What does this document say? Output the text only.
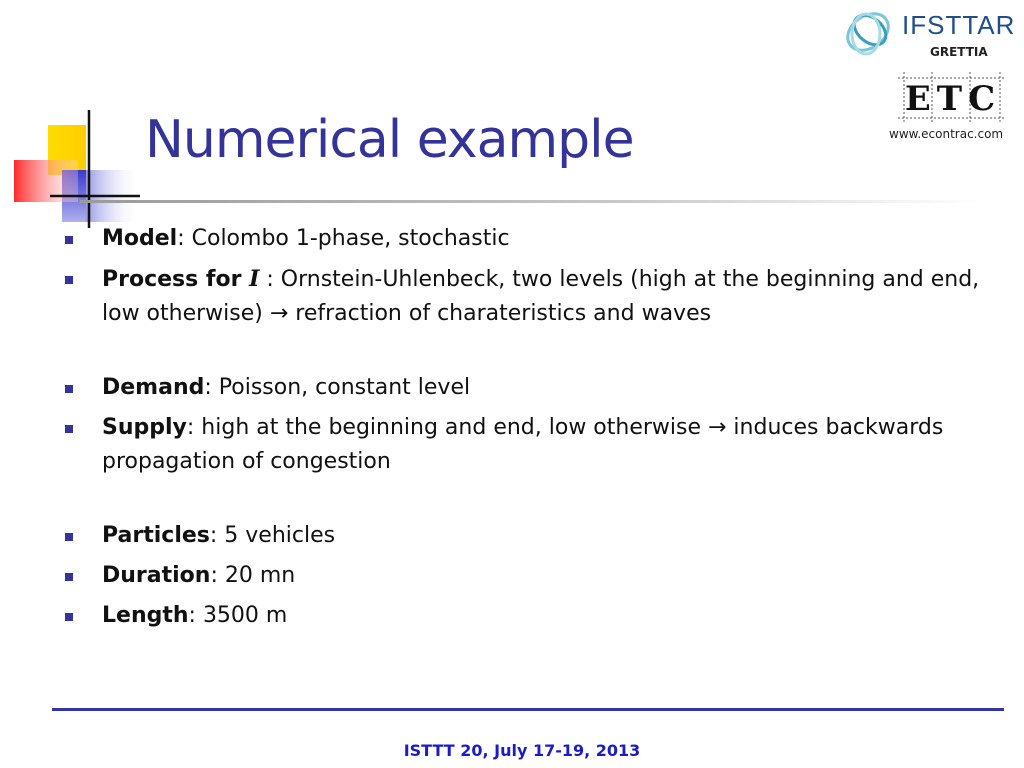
Numerical example
IFSTTAR
GRETTIA
ETC
www.econtrac.com
Model: Colombo 1-phase, stochastic
Process for I : Ornstein-Uhlenbeck, two levels (high at the beginning and end, low otherwise) → refraction of charateristics and waves
Demand: Poisson, constant level
Supply: high at the beginning and end, low otherwise → induces backwards propagation of congestion
Particles: 5 vehicles
Duration: 20 mn
Length: 3500 m
ISTTT 20, July 17-19, 2013
